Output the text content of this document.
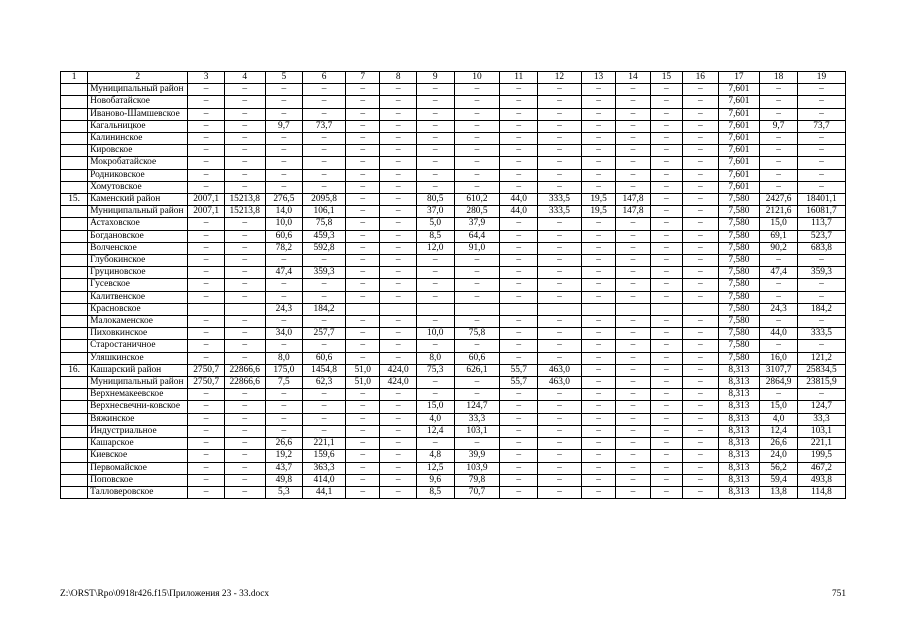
1	2	3	4	5	6	7	8	9	10	11	12	13	14	15	16	17	18	19
	Муниципальный район	–	–	–	–	–	–	–	–	–	–	–	–	–	–	7,601	–	–
	Новобатайское	–	–	–	–	–	–	–	–	–	–	–	–	–	–	7,601	–	–
	Иваново-Шамшевское	–	–	–	–	–	–	–	–	–	–	–	–	–	–	7,601	–	–
	Кагальницкое	–	–	9,7	73,7	–	–	–	–	–	–	–	–	–	–	7,601	9,7	73,7
	Калининское	–	–	–	–	–	–	–	–	–	–	–	–	–	–	7,601	–	–
	Кировское	–	–	–	–	–	–	–	–	–	–	–	–	–	–	7,601	–	–
	Мокробатайское	–	–	–	–	–	–	–	–	–	–	–	–	–	–	7,601	–	–
	Родниковское	–	–	–	–	–	–	–	–	–	–	–	–	–	–	7,601	–	–
	Хомутовское	–	–	–	–	–	–	–	–	–	–	–	–	–	–	7,601	–	–
15.	Каменский район	2007,1	15213,8	276,5	2095,8	–	–	80,5	610,2	44,0	333,5	19,5	147,8	–	–	7,580	2427,6	18401,1
	Муниципальный район	2007,1	15213,8	14,0	106,1	–	–	37,0	280,5	44,0	333,5	19,5	147,8	–	–	7,580	2121,6	16081,7
	Астаховское	–	–	10,0	75,8	–	–	5,0	37,9	–	–	–	–	–	–	7,580	15,0	113,7
	Богдановское	–	–	60,6	459,3	–	–	8,5	64,4	–	–	–	–	–	–	7,580	69,1	523,7
	Волченское	–	–	78,2	592,8	–	–	12,0	91,0	–	–	–	–	–	–	7,580	90,2	683,8
	Глубокинское	–	–	–	–	–	–	–	–	–	–	–	–	–	–	7,580	–	–
	Груциновское	–	–	47,4	359,3	–	–	–	–	–	–	–	–	–	–	7,580	47,4	359,3
	Гусевское	–	–	–	–	–	–	–	–	–	–	–	–	–	–	7,580	–	–
	Калитвенское	–	–	–	–	–	–	–	–	–	–	–	–	–	–	7,580	–	–
	Красновское			24,3	184,2											7,580	24,3	184,2
	Малокаменское	–	–	–	–	–	–	–	–	–	–	–	–	–	–	7,580	–	–
	Пиховкинское	–	–	34,0	257,7	–	–	10,0	75,8	–	–	–	–	–	–	7,580	44,0	333,5
	Старостаничное	–	–	–	–	–	–	–	–	–	–	–	–	–	–	7,580	–	–
	Уляшкинское	–	–	8,0	60,6	–	–	8,0	60,6	–	–	–	–	–	–	7,580	16,0	121,2
16.	Кашарский район	2750,7	22866,6	175,0	1454,8	51,0	424,0	75,3	626,1	55,7	463,0	–	–	–	–	8,313	3107,7	25834,5
	Муниципальный район	2750,7	22866,6	7,5	62,3	51,0	424,0	–	–	55,7	463,0	–	–	–	–	8,313	2864,9	23815,9
	Верхнемакеевское	–	–	–	–	–	–	–	–	–	–	–	–	–	–	8,313	–	–
	Верхнесвечни-ковское	–	–	–	–	–	–	15,0	124,7	–	–	–	–	–	–	8,313	15,0	124,7
	Вяжинское	–	–	–	–	–	–	4,0	33,3	–	–	–	–	–	–	8,313	4,0	33,3
	Индустриальное	–	–	–	–	–	–	12,4	103,1	–	–	–	–	–	–	8,313	12,4	103,1
	Кашарское	–	–	26,6	221,1	–	–	–	–	–	–	–	–	–	–	8,313	26,6	221,1
	Киевское	–	–	19,2	159,6	–	–	4,8	39,9	–	–	–	–	–	–	8,313	24,0	199,5
	Первомайское	–	–	43,7	363,3	–	–	12,5	103,9	–	–	–	–	–	–	8,313	56,2	467,2
	Поповское	–	–	49,8	414,0	–	–	9,6	79,8	–	–	–	–	–	–	8,313	59,4	493,8
	Талловеровское	–	–	5,3	44,1	–	–	8,5	70,7	–	–	–	–	–	–	8,313	13,8	114,8
Z:\ORST\Rpo\0918r426.f15\Приложения 23 - 33.docx	751
